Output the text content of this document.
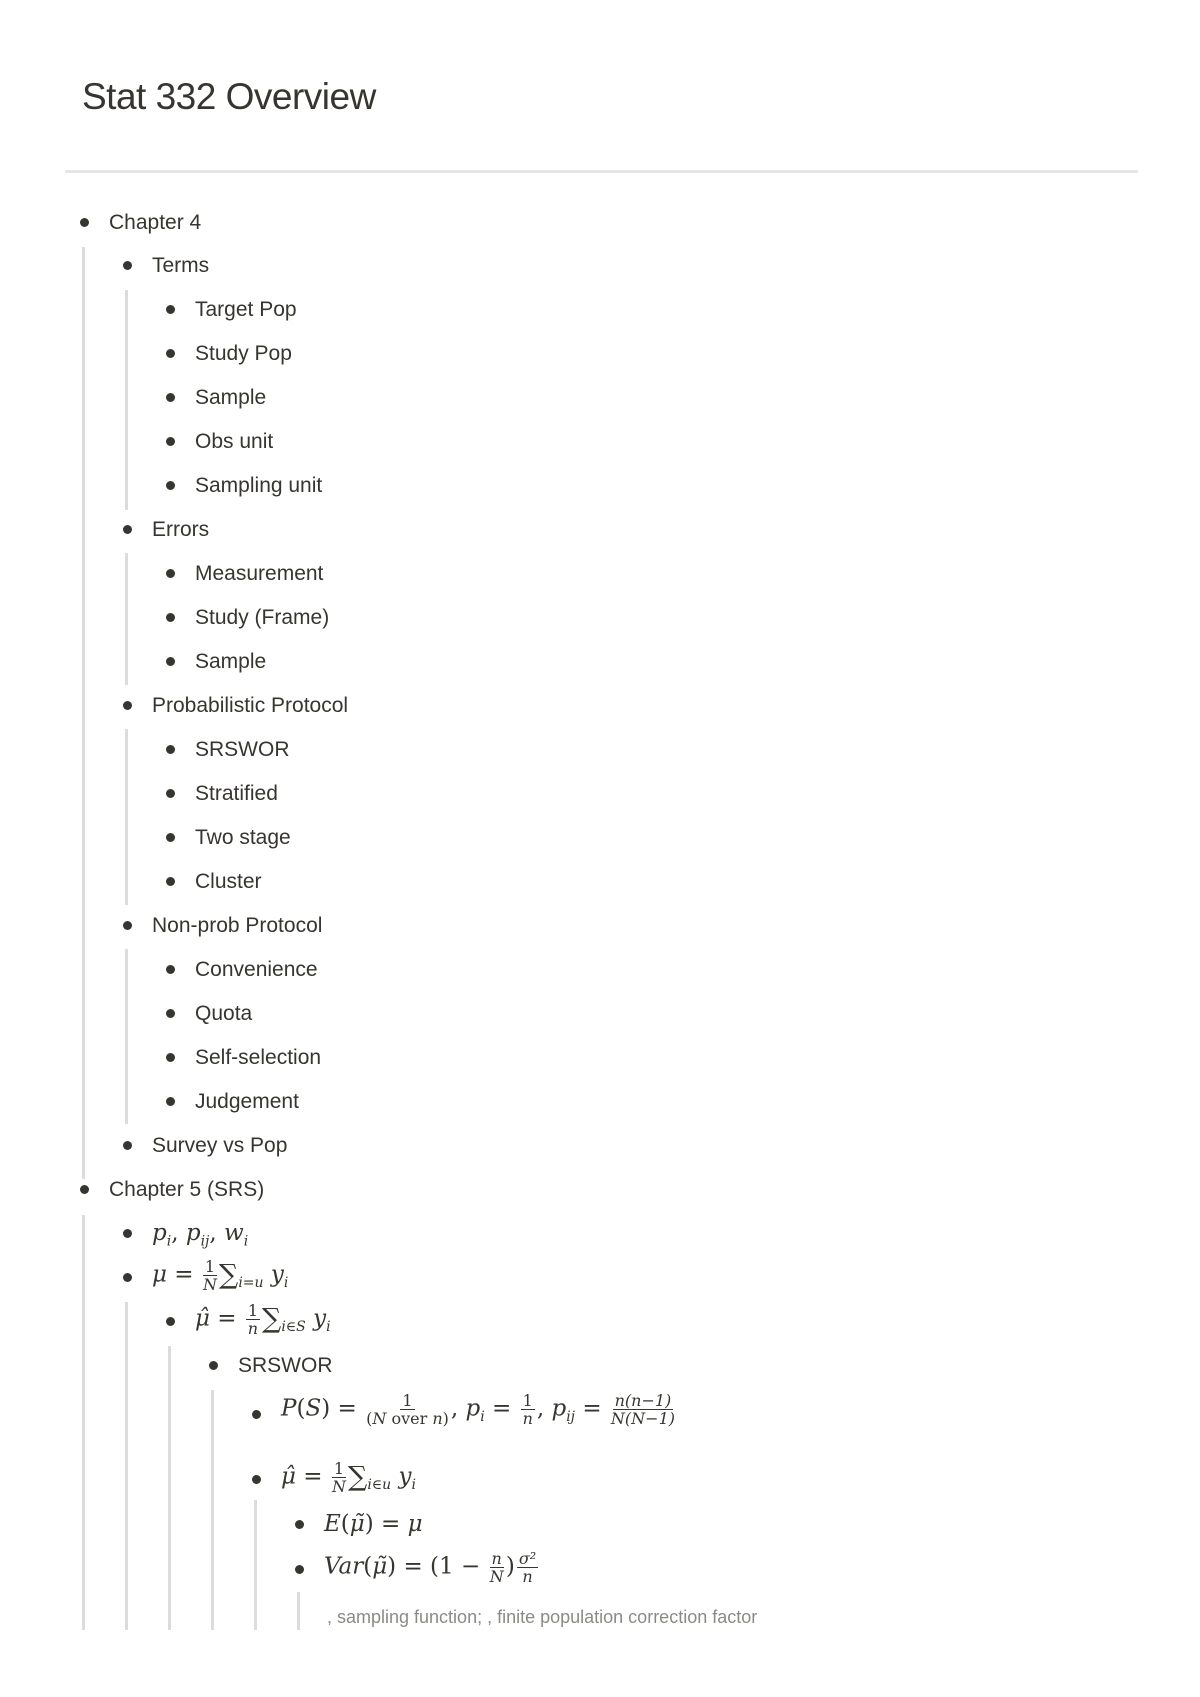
Stat 332 Overview
Chapter 4
Terms
Target Pop
Study Pop
Sample
Obs unit
Sampling unit
Errors
Measurement
Study (Frame)
Sample
Probabilistic Protocol
SRSWOR
Stratified
Two stage
Cluster
Non-prob Protocol
Convenience
Quota
Self-selection
Judgement
Survey vs Pop
Chapter 5 (SRS)
$p_i$, $p_{ij}$, $w_i$
$\mu = \frac{1}{N} \sum_{i=u}$ $y_i$
μ̂ = $\frac{1}{n} \sum_{i\in S}$ $y_i$
SRSWOR
$P(S) = \frac{1}{\text{(N over n)}}$ , $p_i = \frac{1}{n}$ , $p_{ij} = \frac{n(n-1)}{N(N-1)}$
μ̂ = $\frac{1}{N} \sum_{i\in u}$ $y_i$
E(μ̃) = μ
Var(μ̃) = ($1 - \frac{n}{N}$ ) $\frac{\text{σ²}}{n}$
, sampling function; , finite population correction factor
